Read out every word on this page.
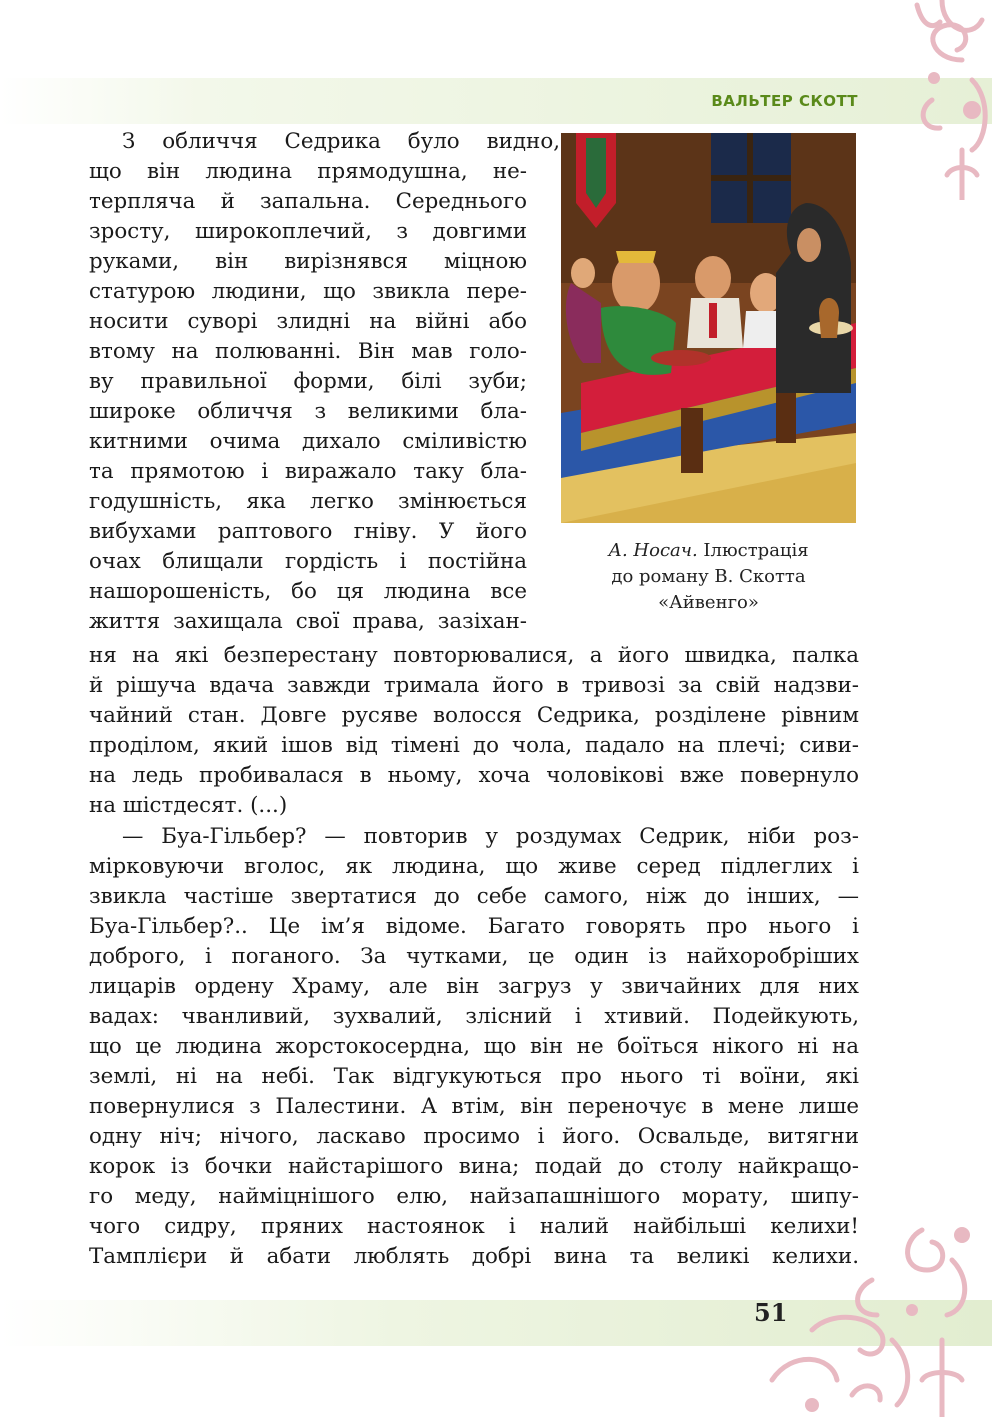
ВАЛЬТЕР СКОТТ
А. Носач. Ілюстрація
до роману В. Скотта
«Айвенго»
З обличчя Седрика було видно,
що він людина прямодушна, не-
терпляча й запальна. Середнього
зросту, широкоплечий, з довгими
руками, він вирізнявся міцною
статурою людини, що звикла пере-
носити суворі злидні на війні або
втому на полюванні. Він мав голо-
ву правильної форми, білі зуби;
широке обличчя з великими бла-
китними очима дихало сміливістю
та прямотою і виражало таку бла-
годушність, яка легко змінюється
вибухами раптового гніву. У його
очах блищали гордість і постійна
нашорошеність, бо ця людина все
життя захищала свої права, зазіхан-
ня на які безперестану повторювалися, а його швидка, палка
й рішуча вдача завжди тримала його в тривозі за свій надзви-
чайний стан. Довге русяве волосся Седрика, розділене рівним
проділом, який ішов від тімені до чола, падало на плечі; сиви-
на ледь пробивалася в ньому, хоча чоловікові вже повернуло
на шістдесят. (...)
— Буа-Гільбер? — повторив у роздумах Седрик, ніби роз-
мірковуючи вголос, як людина, що живе серед підлеглих і
звикла частіше звертатися до себе самого, ніж до інших, —
Буа-Гільбер?.. Це ім’я відоме. Багато говорять про нього і
доброго, і поганого. За чутками, це один із найхоробріших
лицарів ордену Храму, але він загруз у звичайних для них
вадах: чванливий, зухвалий, злісний і хтивий. Подейкують,
що це людина жорстокосердна, що він не боїться нікого ні на
землі, ні на небі. Так відгукуються про нього ті воїни, які
повернулися з Палестини. А втім, він переночує в мене лише
одну ніч; нічого, ласкаво просимо і його. Освальде, витягни
корок із бочки найстарішого вина; подай до столу найкращо-
го меду, найміцнішого елю, найзапашнішого морату, шипу-
чого сидру, пряних настоянок і налий найбільші келихи!
Тамплієри й абати люблять добрі вина та великі келихи.
51
